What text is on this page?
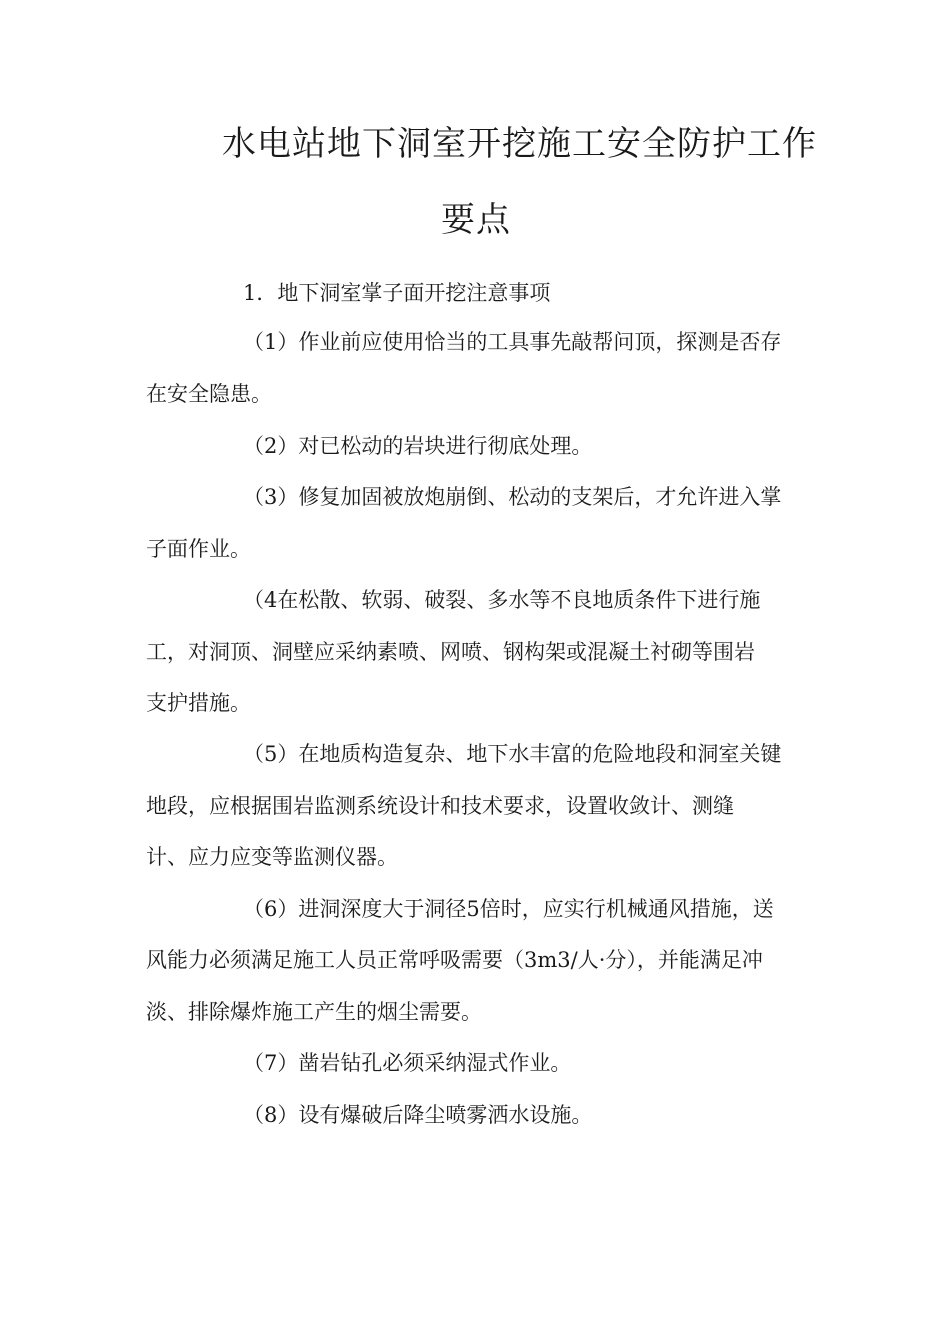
水电站地下洞室开挖施工安全防护工作
要点
1．地下洞室掌子面开挖注意事项
（1）作业前应使用恰当的工具事先敲帮问顶，探测是否存
在安全隐患。
（2）对已松动的岩块进行彻底处理。
（3）修复加固被放炮崩倒、松动的支架后，才允许进入掌
子面作业。
（4在松散、软弱、破裂、多水等不良地质条件下进行施
工，对洞顶、洞壁应采纳素喷、网喷、钢构架或混凝土衬砌等围岩
支护措施。
（5）在地质构造复杂、地下水丰富的危险地段和洞室关键
地段，应根据围岩监测系统设计和技术要求，设置收敛计、测缝
计、应力应变等监测仪器。
（6）进洞深度大于洞径5倍时，应实行机械通风措施，送
风能力必须满足施工人员正常呼吸需要（3m3/人·分），并能满足冲
淡、排除爆炸施工产生的烟尘需要。
（7）凿岩钻孔必须采纳湿式作业。
（8）设有爆破后降尘喷雾洒水设施。
